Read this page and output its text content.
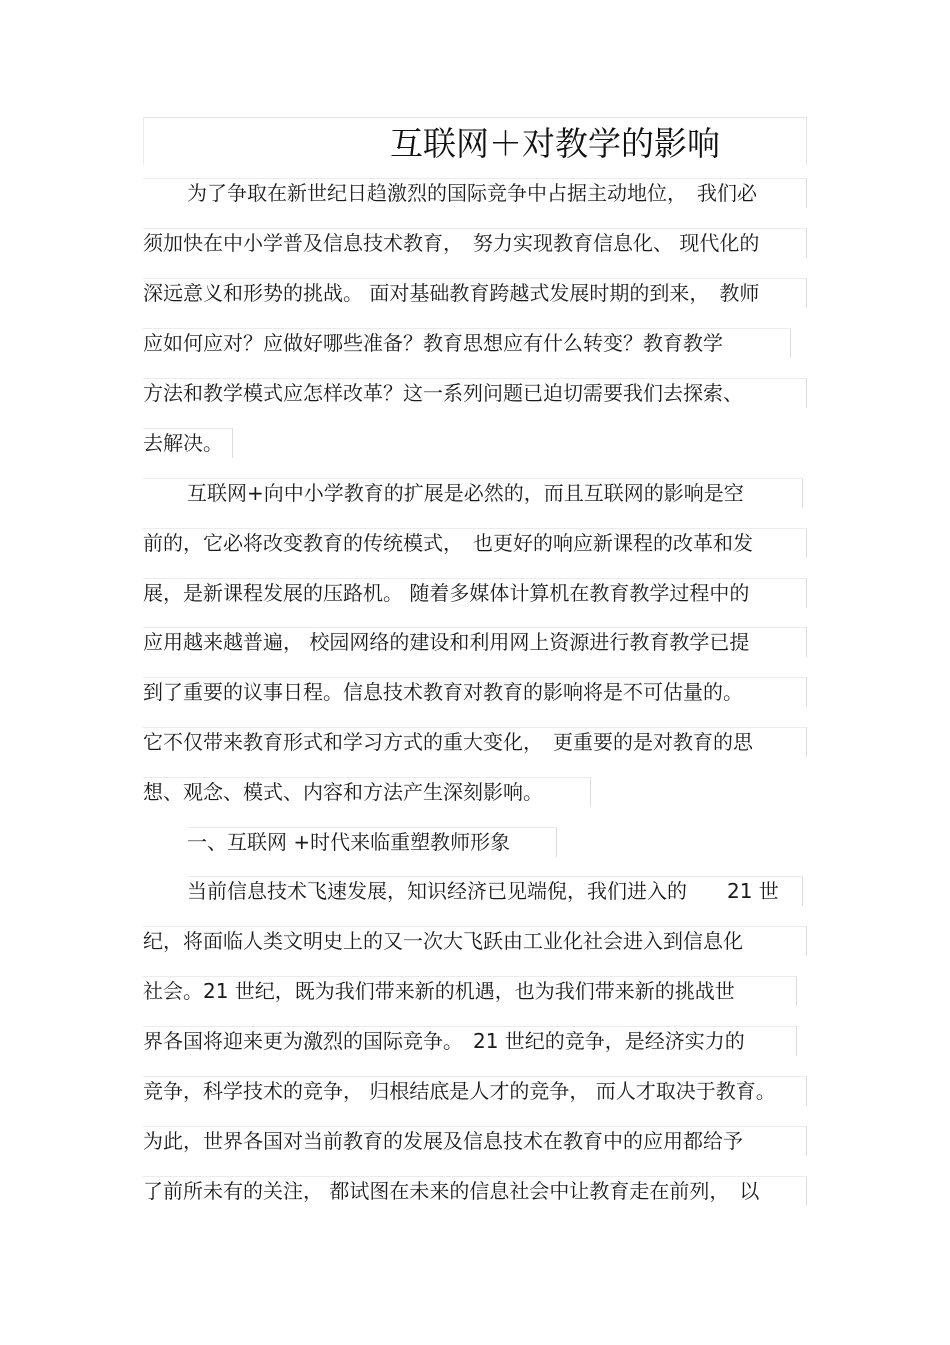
互联网＋对教学的影响
为了争取在新世纪日趋激烈的国际竞争中占据主动地位，　我们必
须加快在中小学普及信息技术教育，　努力实现教育信息化、 现代化的
深远意义和形势的挑战。 面对基础教育跨越式发展时期的到来，　教师
应如何应对？应做好哪些准备？教育思想应有什么转变？教育教学
方法和教学模式应怎样改革？这一系列问题已迫切需要我们去探索、
去解决。
互联网+向中小学教育的扩展是必然的，而且互联网的影响是空
前的，它必将改变教育的传统模式，　也更好的响应新课程的改革和发
展，是新课程发展的压路机。 随着多媒体计算机在教育教学过程中的
应用越来越普遍， 校园网络的建设和利用网上资源进行教育教学已提
到了重要的议事日程。信息技术教育对教育的影响将是不可估量的。
它不仅带来教育形式和学习方式的重大变化，　更重要的是对教育的思
想、观念、模式、内容和方法产生深刻影响。
一、互联网 +时代来临重塑教师形象
当前信息技术飞速发展，知识经济已见端倪，我们进入的　　21 世
纪，将面临人类文明史上的又一次大飞跃由工业化社会进入到信息化
社会。21 世纪，既为我们带来新的机遇，也为我们带来新的挑战世
界各国将迎来更为激烈的国际竞争。　21 世纪的竞争，是经济实力的
竞争，科学技术的竞争， 归根结底是人才的竞争， 而人才取决于教育。
为此，世界各国对当前教育的发展及信息技术在教育中的应用都给予
了前所未有的关注， 都试图在未来的信息社会中让教育走在前列，　以
